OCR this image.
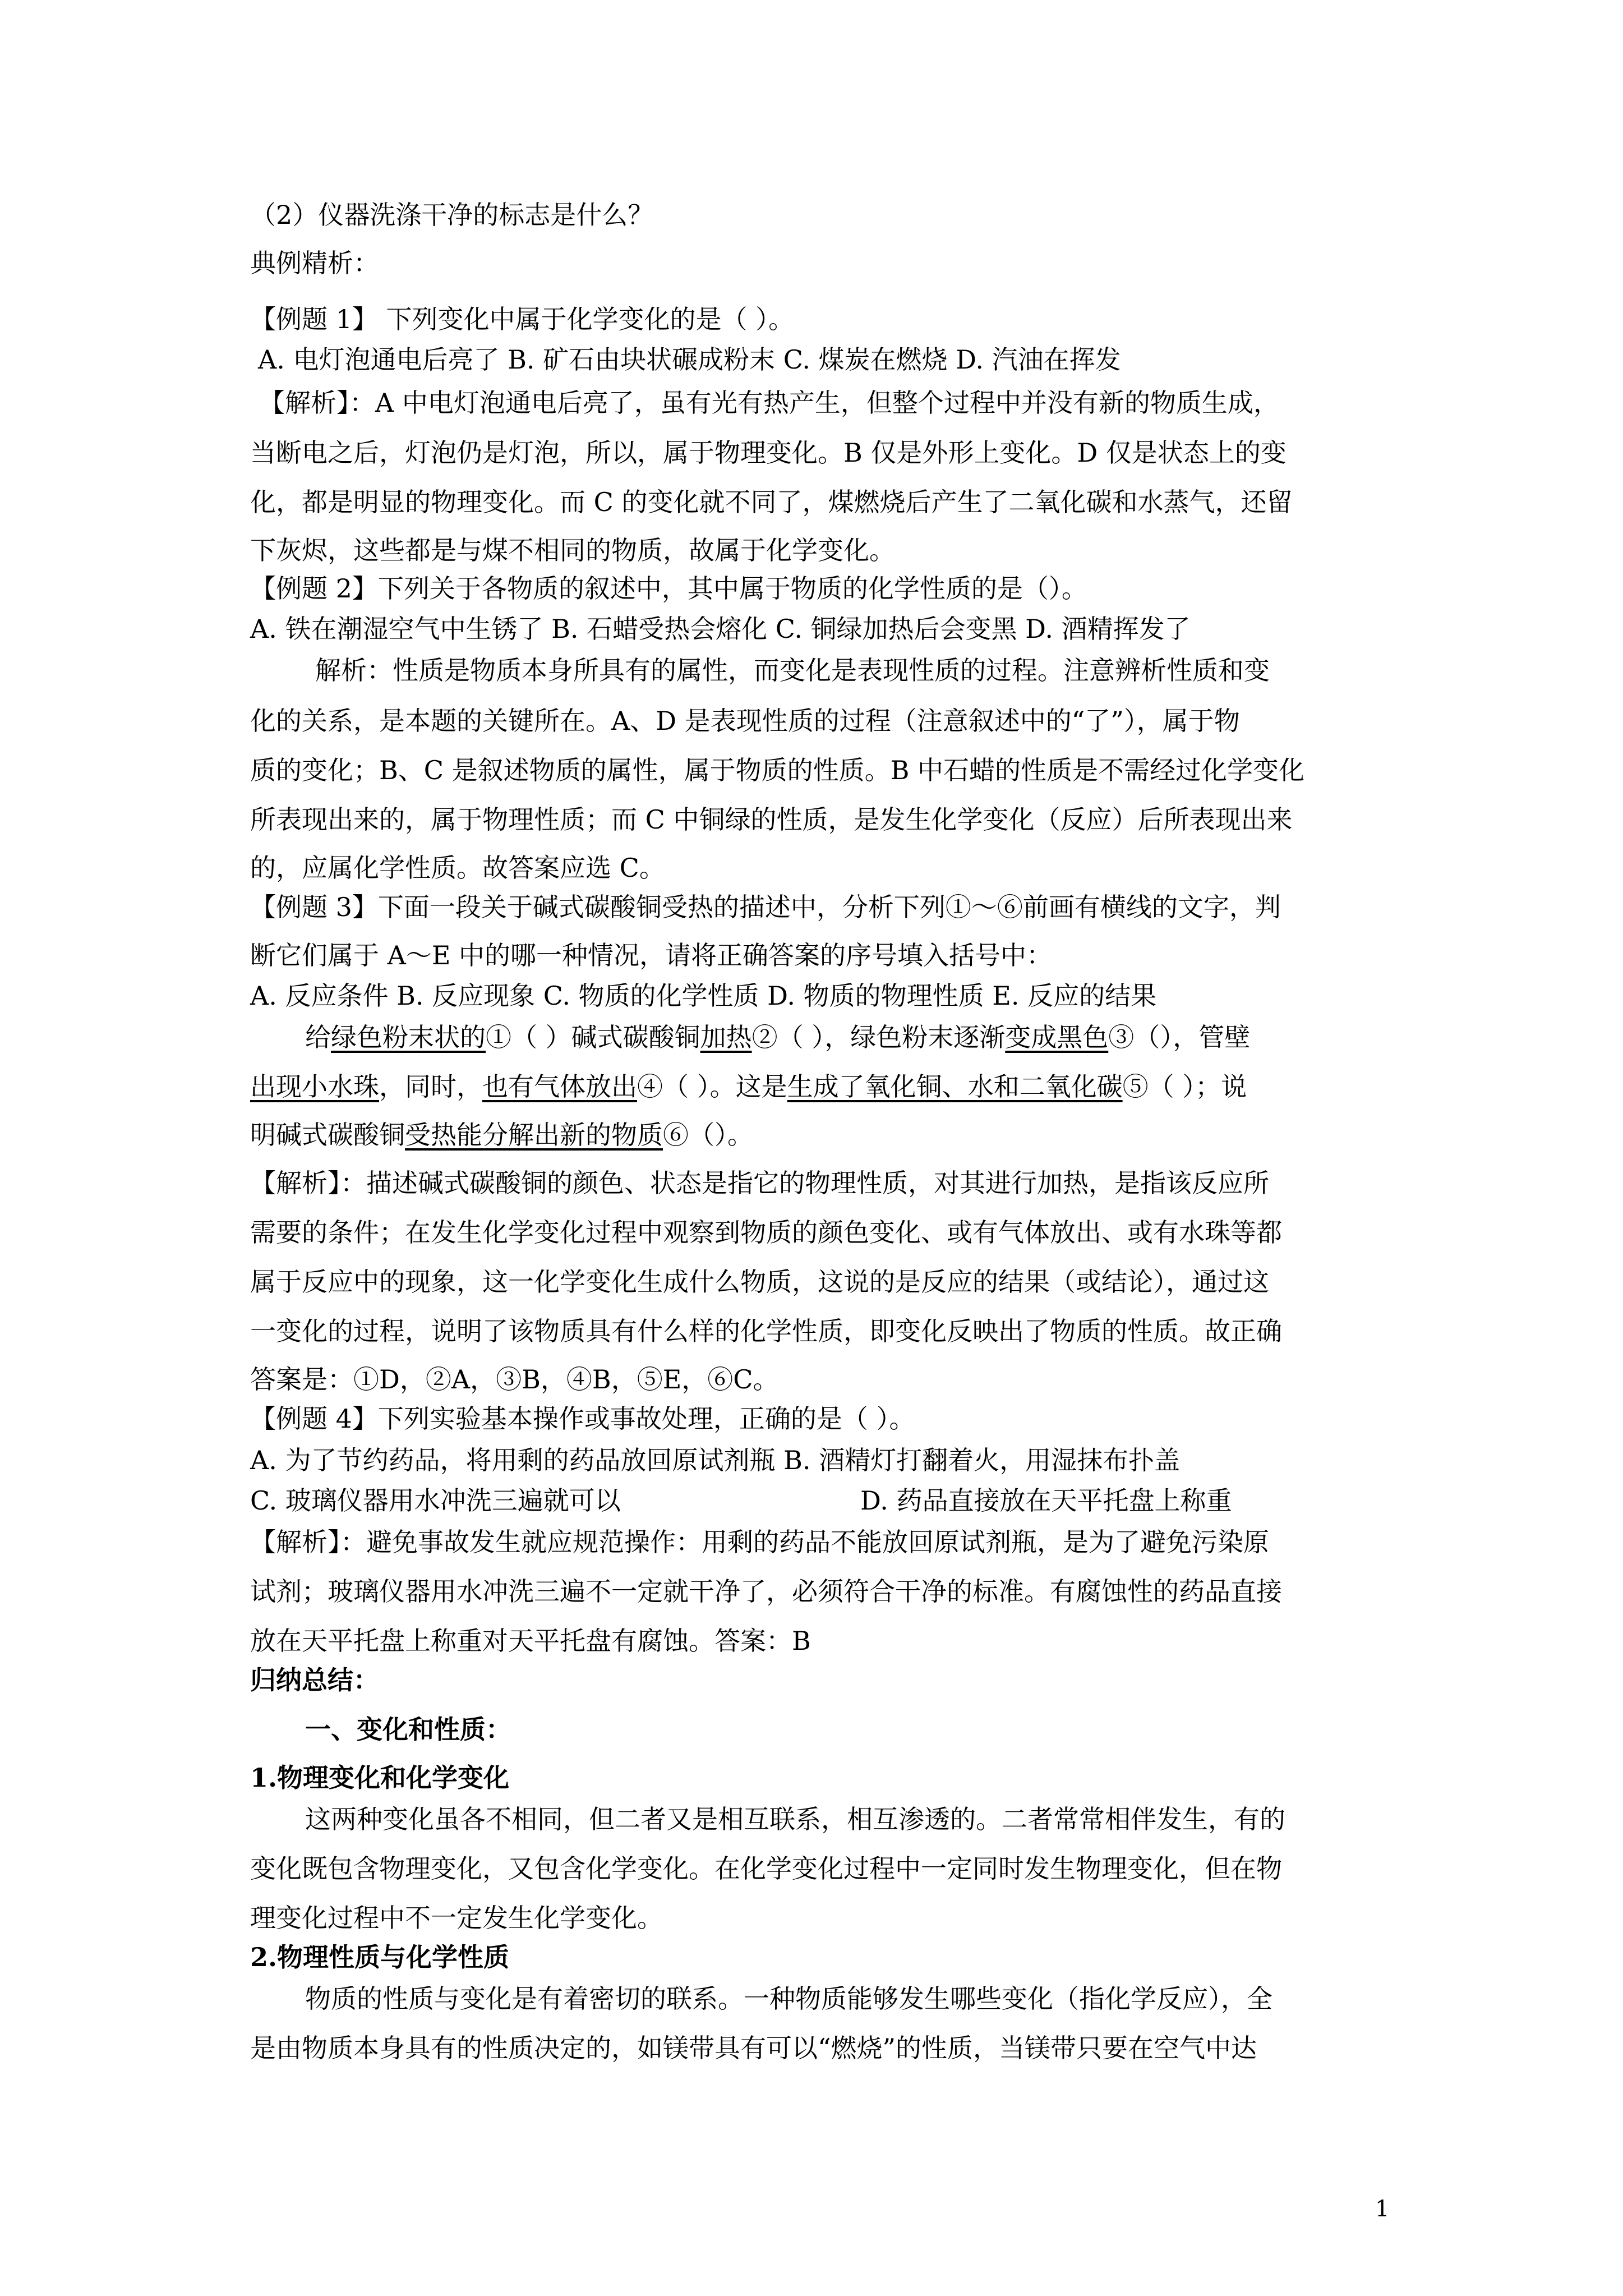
（2）仪器洗涤干净的标志是什么？
典例精析：
【例题 1】 下列变化中属于化学变化的是（ ）。
A. 电灯泡通电后亮了 B. 矿石由块状碾成粉末 C. 煤炭在燃烧 D. 汽油在挥发
【解析】：A 中电灯泡通电后亮了，虽有光有热产生，但整个过程中并没有新的物质生成，
当断电之后，灯泡仍是灯泡，所以，属于物理变化。B 仅是外形上变化。D 仅是状态上的变
化，都是明显的物理变化。而 C 的变化就不同了，煤燃烧后产生了二氧化碳和水蒸气，还留
下灰烬，这些都是与煤不相同的物质，故属于化学变化。
【例题 2】下列关于各物质的叙述中，其中属于物质的化学性质的是（）。
A. 铁在潮湿空气中生锈了 B. 石蜡受热会熔化 C. 铜绿加热后会变黑 D. 酒精挥发了
解析：性质是物质本身所具有的属性，而变化是表现性质的过程。注意辨析性质和变
化的关系，是本题的关键所在。A、D 是表现性质的过程（注意叙述中的“了”），属于物
质的变化；B、C 是叙述物质的属性，属于物质的性质。B 中石蜡的性质是不需经过化学变化
所表现出来的，属于物理性质；而 C 中铜绿的性质，是发生化学变化（反应）后所表现出来
的，应属化学性质。故答案应选 C。
【例题 3】下面一段关于碱式碳酸铜受热的描述中，分析下列①～⑥前画有横线的文字，判
断它们属于 A～E 中的哪一种情况，请将正确答案的序号填入括号中：
A. 反应条件 B. 反应现象 C. 物质的化学性质 D. 物质的物理性质 E. 反应的结果
给绿色粉末状的①（ ）碱式碳酸铜加热②（ ），绿色粉末逐渐变成黑色③（），管壁
出现小水珠，同时，也有气体放出④（ ）。这是生成了氧化铜、水和二氧化碳⑤（ ）；说
明碱式碳酸铜受热能分解出新的物质⑥（）。
【解析】：描述碱式碳酸铜的颜色、状态是指它的物理性质，对其进行加热，是指该反应所
需要的条件；在发生化学变化过程中观察到物质的颜色变化、或有气体放出、或有水珠等都
属于反应中的现象，这一化学变化生成什么物质，这说的是反应的结果（或结论），通过这
一变化的过程，说明了该物质具有什么样的化学性质，即变化反映出了物质的性质。故正确
答案是：①D，②A，③B，④B，⑤E，⑥C。
【例题 4】下列实验基本操作或事故处理，正确的是（ ）。
A. 为了节约药品，将用剩的药品放回原试剂瓶 B. 酒精灯打翻着火，用湿抹布扑盖
C. 玻璃仪器用水冲洗三遍就可以	D. 药品直接放在天平托盘上称重
【解析】：避免事故发生就应规范操作：用剩的药品不能放回原试剂瓶，是为了避免污染原
试剂；玻璃仪器用水冲洗三遍不一定就干净了，必须符合干净的标准。有腐蚀性的药品直接
放在天平托盘上称重对天平托盘有腐蚀。答案：B
归纳总结：
一、变化和性质：
1.物理变化和化学变化
这两种变化虽各不相同，但二者又是相互联系，相互渗透的。二者常常相伴发生，有的
变化既包含物理变化，又包含化学变化。在化学变化过程中一定同时发生物理变化，但在物
理变化过程中不一定发生化学变化。
2.物理性质与化学性质
物质的性质与变化是有着密切的联系。一种物质能够发生哪些变化（指化学反应），全
是由物质本身具有的性质决定的，如镁带具有可以“燃烧”的性质，当镁带只要在空气中达
1
